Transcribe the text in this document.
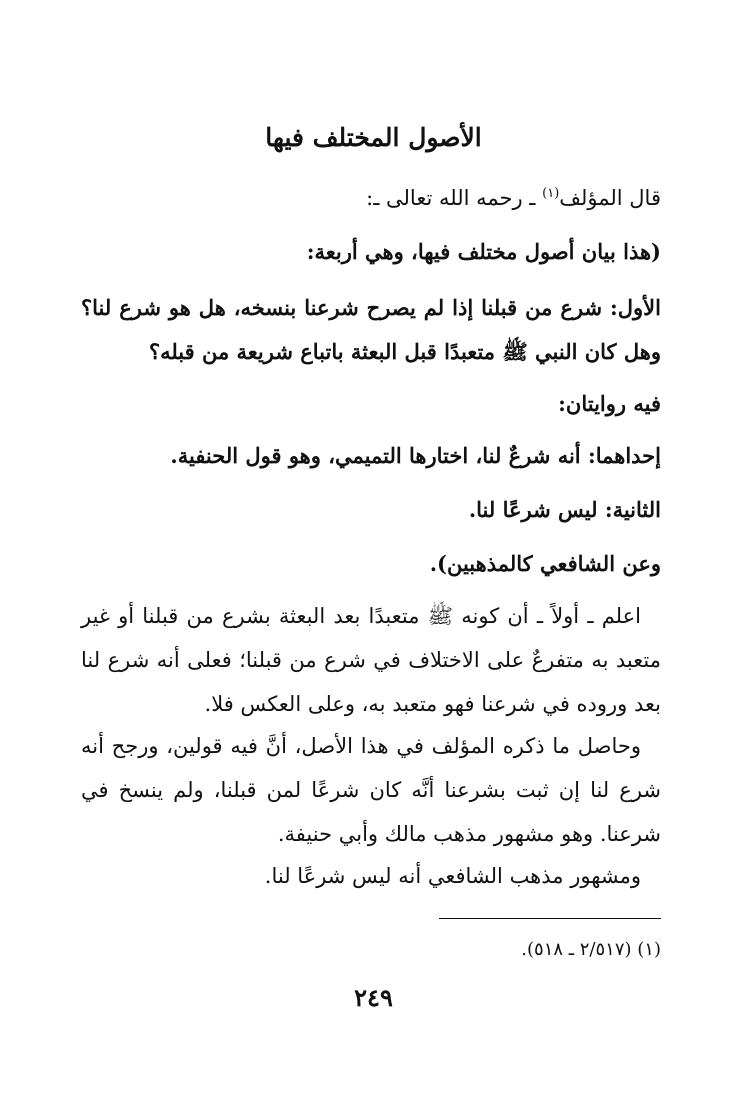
الأصول المختلف فيها

قال المؤلف$^{(١)}$ ـ رحمه الله تعالى ـ:

(هذا بيان أصول مختلف فيها، وهي أربعة:

الأول: شرع من قبلنا إذا لم يصرح شرعنا بنسخه، هل هو شرع لنا؟ وهل كان النبي ﷺ متعبدًا قبل البعثة باتباع شريعة من قبله؟

فيه روايتان:

إحداهما: أنه شرعٌ لنا، اختارها التميمي، وهو قول الحنفية.

الثانية: ليس شرعًا لنا.

وعن الشافعي كالمذهبين).

اعلم ـ أولاً ـ أن كونه ﷺ متعبدًا بعد البعثة بشرع من قبلنا أو غير متعبد به متفرعٌ على الاختلاف في شرع من قبلنا؛ فعلى أنه شرع لنا بعد وروده في شرعنا فهو متعبد به، وعلى العكس فلا.

وحاصل ما ذكره المؤلف في هذا الأصل، أنَّ فيه قولين، ورجح أنه شرع لنا إن ثبت بشرعنا أنَّه كان شرعًا لمن قبلنا، ولم ينسخ في شرعنا. وهو مشهور مذهب مالك وأبي حنيفة.

ومشهور مذهب الشافعي أنه ليس شرعًا لنا.

(١) (٢/٥١٧ ـ ٥١٨).

٢٤٩
